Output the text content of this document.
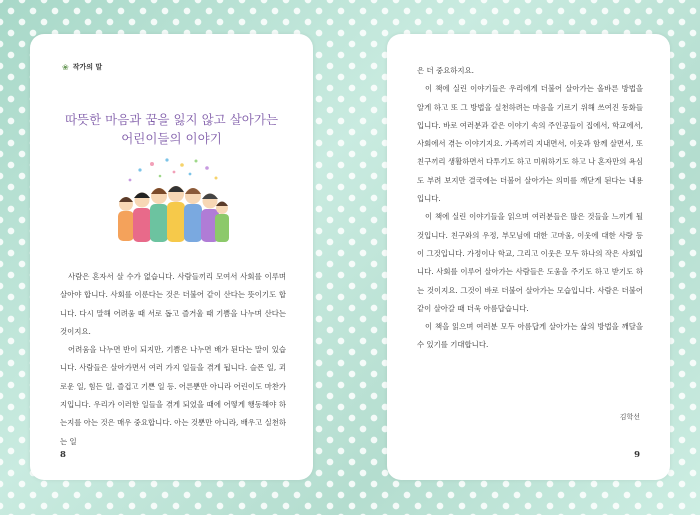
❀ 작가의 말
따뜻한 마음과 꿈을 잃지 않고 살아가는
어린이들의 이야기

사람은 혼자서 살 수가 없습니다. 사람들끼리 모여서 사회를 이루며 살아야 합니다. 사회를 이룬다는 것은 더불어 같이 산다는 뜻이기도 합니다. 다시 말해 어려움 때 서로 돕고 즐거울 때 기쁨을 나누며 산다는 것이지요.

어려움을 나누면 반이 되지만, 기쁨은 나누면 배가 된다는 말이 있습니다. 사람들은 살아가면서 여러 가지 일들을 겪게 됩니다. 슬픈 일, 괴로운 일, 힘든 일, 즐겁고 기쁜 일 등. 어른뿐만 아니라 어린이도 마찬가지입니다. 우리가 이러한 일들을 겪게 되었을 때에 어떻게 행동해야 하는지를 아는 것은 매우 중요합니다. 아는 것뿐만 아니라, 배우고 실천하는 일

8

은 더 중요하지요.

이 책에 실린 이야기들은 우리에게 더불어 살아가는 올바른 방법을 알게 하고 또 그 방법을 실천하려는 마음을 기르기 위해 쓰여진 동화들입니다. 바로 여러분과 같은 이야기 속의 주인공들이 집에서, 학교에서, 사회에서 겪는 이야기지요. 가족끼리 지내면서, 이웃과 함께 살면서, 또 친구끼리 생활하면서 다투기도 하고 미워하기도 하고 나 혼자만의 욕심도 부려 보지만 결국에는 더불어 살아가는 의미를 깨닫게 된다는 내용입니다.

이 책에 실린 이야기들을 읽으며 여러분들은 많은 것들을 느끼게 될 것입니다. 친구와의 우정, 부모님에 대한 고마움, 이웃에 대한 사랑 등이 그것입니다. 가정이나 학교, 그리고 이웃은 모두 하나의 작은 사회입니다. 사회를 이루어 살아가는 사람들은 도움을 주기도 하고 받기도 하는 것이지요. 그것이 바로 더불어 살아가는 모습입니다. 사람은 더불어 같이 살아갈 때 더욱 아름답습니다.

이 책을 읽으며 여러분 모두 아름답게 살아가는 삶의 방법을 깨달을 수 있기를 기대합니다.

김학선
9
